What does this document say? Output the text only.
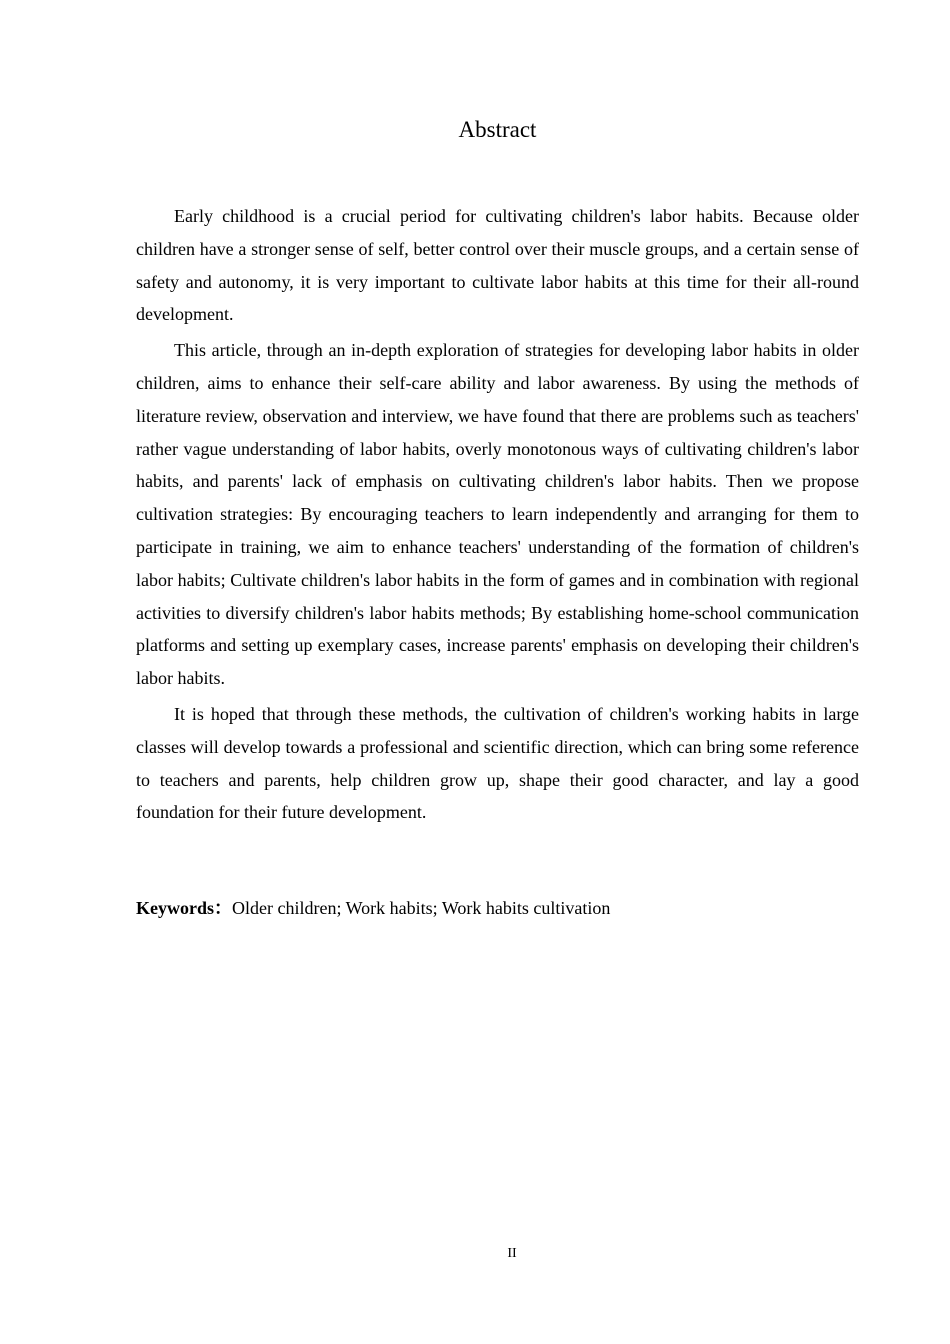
Abstract

Early childhood is a crucial period for cultivating children's labor habits. Because older children have a stronger sense of self, better control over their muscle groups, and a certain sense of safety and autonomy, it is very important to cultivate labor habits at this time for their all-round development.

This article, through an in-depth exploration of strategies for developing labor habits in older children, aims to enhance their self-care ability and labor awareness. By using the methods of literature review, observation and interview, we have found that there are problems such as teachers' rather vague understanding of labor habits, overly monotonous ways of cultivating children's labor habits, and parents' lack of emphasis on cultivating children's labor habits. Then we propose cultivation strategies: By encouraging teachers to learn independently and arranging for them to participate in training, we aim to enhance teachers' understanding of the formation of children's labor habits; Cultivate children's labor habits in the form of games and in combination with regional activities to diversify children's labor habits methods; By establishing home-school communication platforms and setting up exemplary cases, increase parents' emphasis on developing their children's labor habits.

It is hoped that through these methods, the cultivation of children's working habits in large classes will develop towards a professional and scientific direction, which can bring some reference to teachers and parents, help children grow up, shape their good character, and lay a good foundation for their future development.

Keywords：Older children; Work habits; Work habits cultivation

II
